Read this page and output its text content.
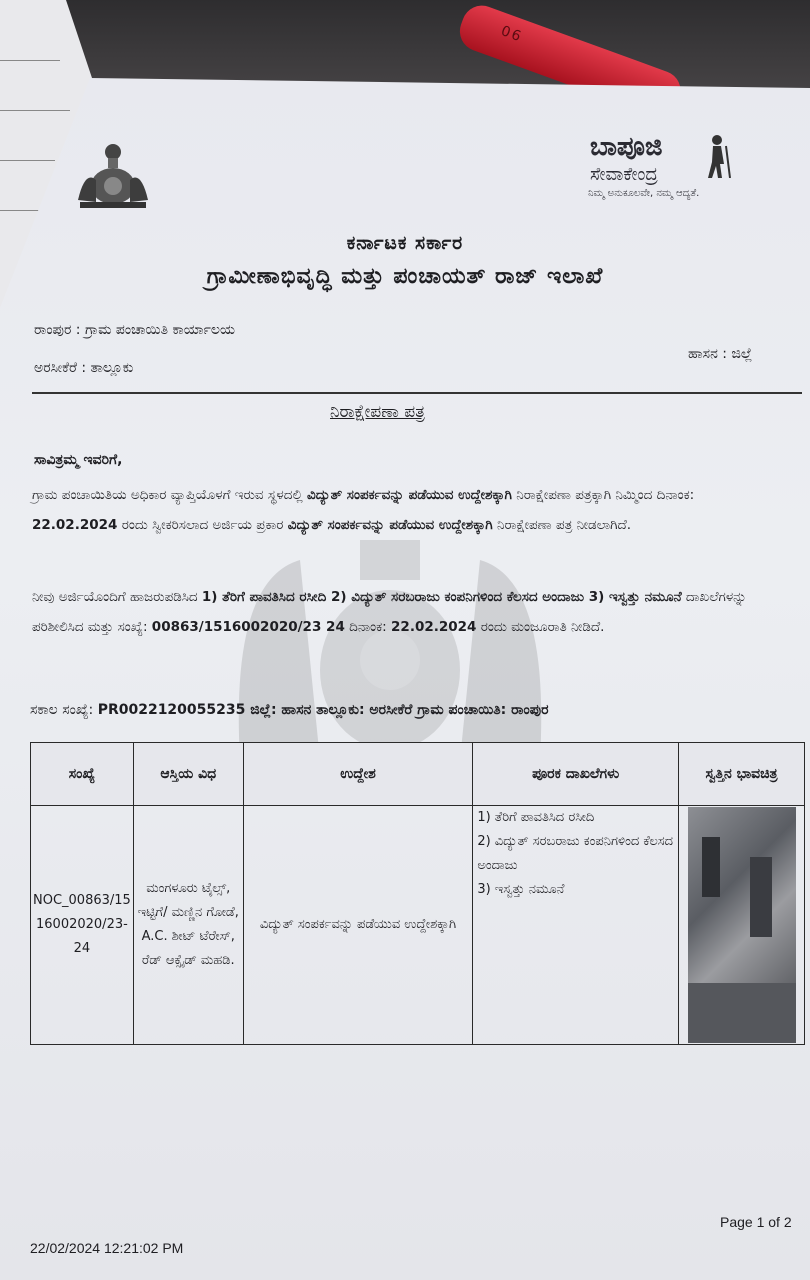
06
ಬಾಪೂಜಿ
ಸೇವಾಕೇಂದ್ರ
ನಿಮ್ಮ ಅನುಕೂಲವೇ, ನಮ್ಮ ಆದ್ಯತೆ.
ಕರ್ನಾಟಕ ಸರ್ಕಾರ
ಗ್ರಾಮೀಣಾಭಿವೃದ್ಧಿ ಮತ್ತು ಪಂಚಾಯತ್ ರಾಜ್ ಇಲಾಖೆ
ರಾಂಪುರ : ಗ್ರಾಮ ಪಂಚಾಯಿತಿ ಕಾರ್ಯಾಲಯ
ಅರಸೀಕೆರೆ : ತಾಲ್ಲೂಕು
ಹಾಸನ : ಜಿಲ್ಲೆ
ನಿರಾಕ್ಷೇಪಣಾ ಪತ್ರ
ಸಾವಿತ್ರಮ್ಮ ಇವರಿಗೆ,
ಗ್ರಾಮ ಪಂಚಾಯಿತಿಯ ಅಧಿಕಾರ ವ್ಯಾಪ್ತಿಯೊಳಗೆ ಇರುವ ಸ್ಥಳದಲ್ಲಿ ವಿದ್ಯುತ್ ಸಂಪರ್ಕವನ್ನು ಪಡೆಯುವ ಉದ್ದೇಶಕ್ಕಾಗಿ ನಿರಾಕ್ಷೇಪಣಾ ಪತ್ರಕ್ಕಾಗಿ ನಿಮ್ಮಿಂದ ದಿನಾಂಕ: 22.02.2024 ರಂದು ಸ್ವೀಕರಿಸಲಾದ ಅರ್ಜಿಯ ಪ್ರಕಾರ ವಿದ್ಯುತ್ ಸಂಪರ್ಕವನ್ನು ಪಡೆಯುವ ಉದ್ದೇಶಕ್ಕಾಗಿ ನಿರಾಕ್ಷೇಪಣಾ ಪತ್ರ ನೀಡಲಾಗಿದೆ.
ನೀವು ಅರ್ಜಿಯೊಂದಿಗೆ ಹಾಜರುಪಡಿಸಿದ 1) ತೆರಿಗೆ ಪಾವತಿಸಿದ ರಸೀದಿ 2) ವಿದ್ಯುತ್ ಸರಬರಾಜು ಕಂಪನಿಗಳಿಂದ ಕೆಲಸದ ಅಂದಾಜು 3) ಇಸ್ವತ್ತು ನಮೂನೆ ದಾಖಲೆಗಳನ್ನು ಪರಿಶೀಲಿಸಿದ ಮತ್ತು ಸಂಖ್ಯೆ: 00863/1516002020/23 24 ದಿನಾಂಕ: 22.02.2024 ರಂದು ಮಂಜೂರಾತಿ ನೀಡಿದೆ.
ಸಕಾಲ ಸಂಖ್ಯೆ: PR0022120055235 ಜಿಲ್ಲೆ: ಹಾಸನ ತಾಲ್ಲೂಕು: ಅರಸೀಕೆರೆ ಗ್ರಾಮ ಪಂಚಾಯಿತಿ: ರಾಂಪುರ
ಸಂಖ್ಯೆ	ಆಸ್ತಿಯ ವಿಧ	ಉದ್ದೇಶ	ಪೂರಕ ದಾಖಲೆಗಳು	ಸ್ವತ್ತಿನ ಭಾವಚಿತ್ರ
NOC_00863/1516002020/23-24	ಮಂಗಳೂರು ಟೈಲ್ಸ್, ಇಟ್ಟಿಗೆ/ ಮಣ್ಣಿನ ಗೋಡೆ, A.C. ಶೀಟ್ ಟೆರೇಸ್, ರೆಡ್ ಆಕ್ಸೈಡ್ ಮಹಡಿ.	ವಿದ್ಯುತ್ ಸಂಪರ್ಕವನ್ನು ಪಡೆಯುವ ಉದ್ದೇಶಕ್ಕಾಗಿ	1) ತೆರಿಗೆ ಪಾವತಿಸಿದ ರಸೀದಿ
2) ವಿದ್ಯುತ್ ಸರಬರಾಜು ಕಂಪನಿಗಳಿಂದ ಕೆಲಸದ ಅಂದಾಜು
3) ಇಸ್ವತ್ತು ನಮೂನೆ	

Page 1 of 2
22/02/2024 12:21:02 PM
